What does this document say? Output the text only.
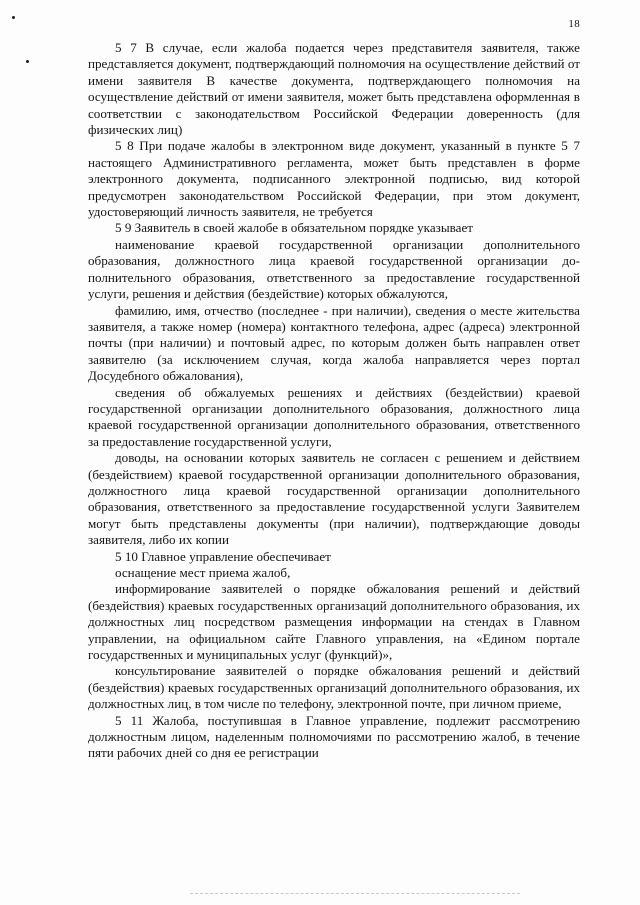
18

5 7 В случае, если жалоба подается через представителя заявителя, также представляется документ, подтверждающий полномочия на осуществление действий от имени заявителя В качестве документа, подтверждающего полномочия на осуществление действий от имени заявителя, может быть представлена оформленная в соответствии с законодательством Российской Федерации доверенность (для физических лиц)

5 8 При подаче жалобы в электронном виде документ, указанный в пункте 5 7 настоящего Административного регламента, может быть представлен в форме электронного документа, подписанного электронной подписью, вид которой предусмотрен законодательством Российской Федерации, при этом документ, удостоверяющий личность заявителя, не требуется

5 9 Заявитель в своей жалобе в обязательном порядке указывает

наименование краевой государственной организации дополнительного образования, должностного лица краевой государственной организации дополнительного образования, ответственного за предоставление государственной услуги, решения и действия (бездействие) которых обжалуются,

фамилию, имя, отчество (последнее - при наличии), сведения о месте жительства заявителя, а также номер (номера) контактного телефона, адрес (адреса) электронной почты (при наличии) и почтовый адрес, по которым должен быть направлен ответ заявителю (за исключением случая, когда жалоба направляется через портал Досудебного обжалования),

сведения об обжалуемых решениях и действиях (бездействии) краевой государственной организации дополнительного образования, должностного лица краевой государственной организации дополнительного образования, ответственного за предоставление государственной услуги,

доводы, на основании которых заявитель не согласен с решением и действием (бездействием) краевой государственной организации дополнительного образования, должностного лица краевой государственной организации дополнительного образования, ответственного за предоставление государственной услуги Заявителем могут быть представлены документы (при наличии), подтверждающие доводы заявителя, либо их копии

5 10 Главное управление обеспечивает

оснащение мест приема жалоб,

информирование заявителей о порядке обжалования решений и действий (бездействия) краевых государственных организаций дополнительного образования, их должностных лиц посредством размещения информации на стендах в Главном управлении, на официальном сайте Главного управления, на «Едином портале государственных и муниципальных услуг (функций)»,

консультирование заявителей о порядке обжалования решений и действий (бездействия) краевых государственных организаций дополнительного образования, их должностных лиц, в том числе по телефону, электронной почте, при личном приеме,

5 11 Жалоба, поступившая в Главное управление, подлежит рассмотрению должностным лицом, наделенным полномочиями по рассмотрению жалоб, в течение пяти рабочих дней со дня ее регистрации
